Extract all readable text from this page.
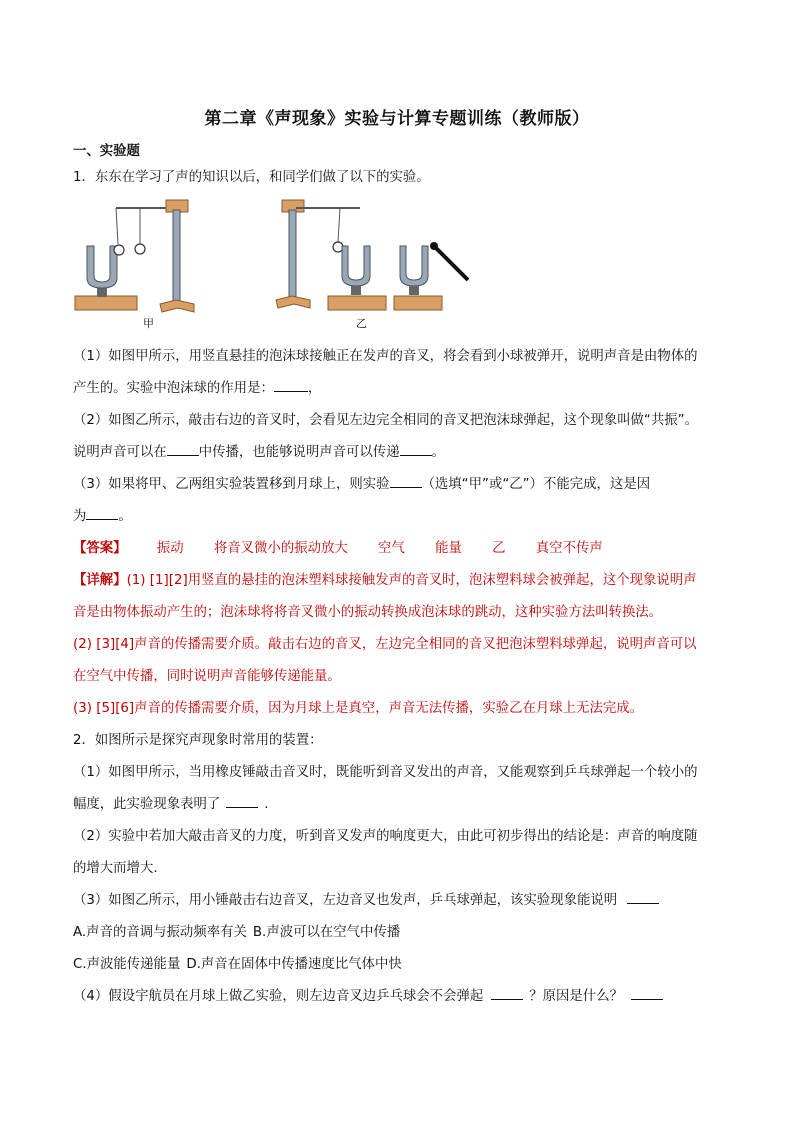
第二章《声现象》实验与计算专题训练（教师版）
一、实验题
1．东东在学习了声的知识以后，和同学们做了以下的实验。
甲	乙
（1）如图甲所示，用竖直悬挂的泡沫球接触正在发声的音叉，将会看到小球被弹开，说明声音是由物体的
产生的。实验中泡沫球的作用是：	，
（2）如图乙所示，敲击右边的音叉时，会看见左边完全相同的音叉把泡沫球弹起，这个现象叫做“共振”。
说明声音可以在 中传播，也能够说明声音可以传递 。
（3）如果将甲、乙两组实验装置移到月球上，则实验 （选填“甲”或“乙”）不能完成，这是因
为 。
【答案】 振动 将音叉微小的振动放大 空气 能量 乙 真空不传声
【详解】(1) [1][2]用竖直的悬挂的泡沫塑料球接触发声的音叉时，泡沫塑料球会被弹起，这个现象说明声
音是由物体振动产生的；泡沫球将将音叉微小的振动转换成泡沫球的跳动，这种实验方法叫转换法。
(2) [3][4]声音的传播需要介质。敲击右边的音叉，左边完全相同的音叉把泡沫塑料球弹起，说明声音可以
在空气中传播，同时说明声音能够传递能量。
(3) [5][6]声音的传播需要介质，因为月球上是真空，声音无法传播，实验乙在月球上无法完成。
2．如图所示是探究声现象时常用的装置：
（1）如图甲所示，当用橡皮锤敲击音叉时，既能听到音叉发出的声音，又能观察到乒乓球弹起一个较小的
幅度，此实验现象表明了	.
（2）实验中若加大敲击音叉的力度，听到音叉发声的响度更大，由此可初步得出的结论是：声音的响度随
的增大而增大.
（3）如图乙所示，用小锤敲击右边音叉，左边音叉也发声，乒乓球弹起，该实验现象能说明
A.声音的音调与振动频率有关 B.声波可以在空气中传播
C.声波能传递能量 D.声音在固体中传播速度比气体中快
（4）假设宇航员在月球上做乙实验，则左边音叉边乒乓球会不会弹起	？原因是什么？
